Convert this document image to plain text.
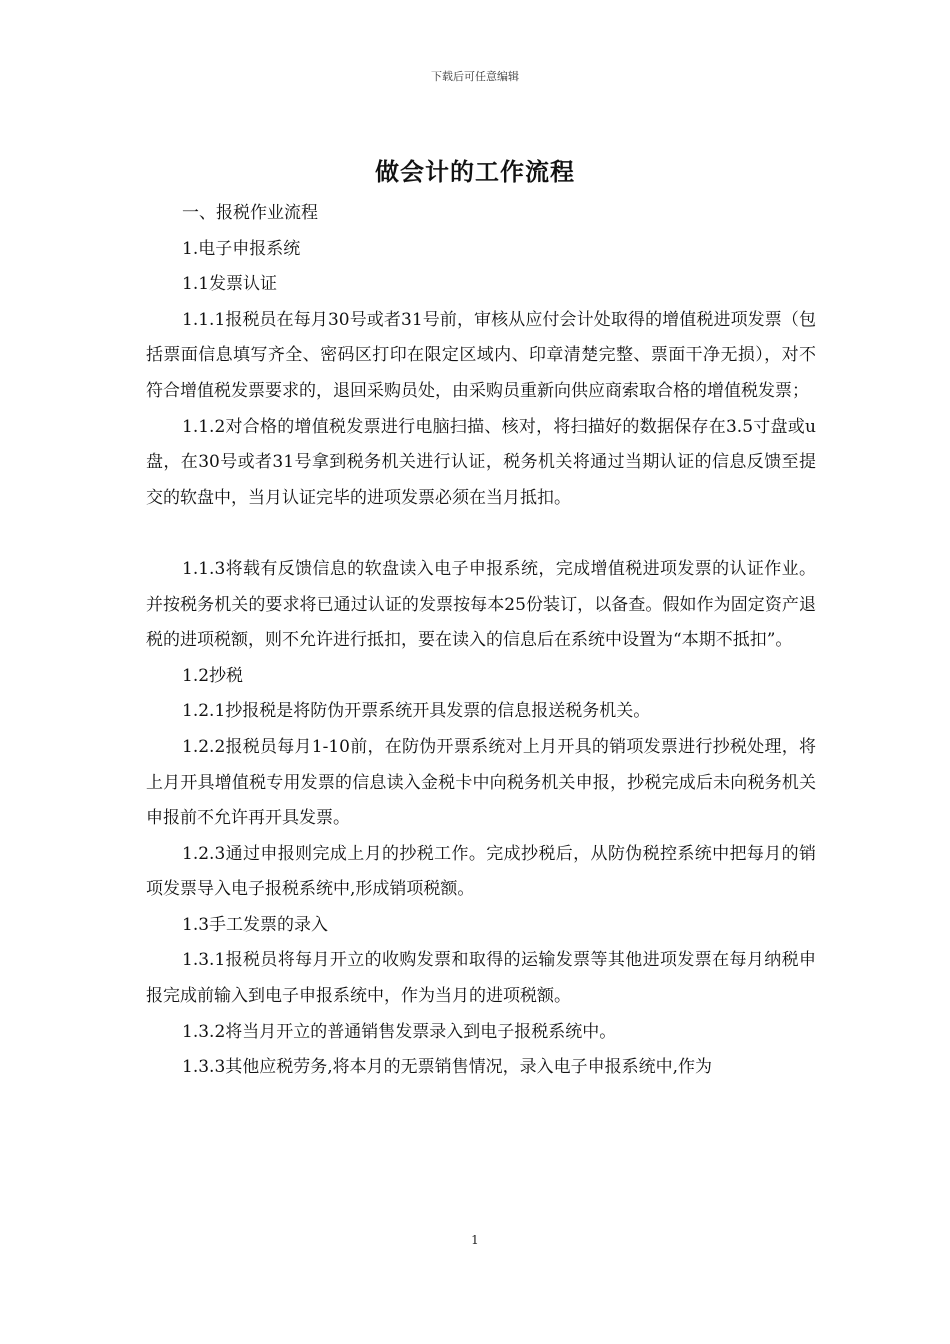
下载后可任意编辑
做会计的工作流程

一、报税作业流程

1.电子申报系统

1.1发票认证

1.1.1报税员在每月30号或者31号前，审核从应付会计处取得的增值税进项发票（包括票面信息填写齐全、密码区打印在限定区域内、印章清楚完整、票面干净无损），对不符合增值税发票要求的，退回采购员处，由采购员重新向供应商索取合格的增值税发票；

1.1.2对合格的增值税发票进行电脑扫描、核对，将扫描好的数据保存在3.5寸盘或u盘，在30号或者31号拿到税务机关进行认证，税务机关将通过当期认证的信息反馈至提交的软盘中，当月认证完毕的进项发票必须在当月抵扣。

1.1.3将载有反馈信息的软盘读入电子申报系统，完成增值税进项发票的认证作业。并按税务机关的要求将已通过认证的发票按每本25份装订，以备查。假如作为固定资产退税的进项税额，则不允许进行抵扣，要在读入的信息后在系统中设置为“本期不抵扣”。

1.2抄税

1.2.1抄报税是将防伪开票系统开具发票的信息报送税务机关。

1.2.2报税员每月1-10前，在防伪开票系统对上月开具的销项发票进行抄税处理，将上月开具增值税专用发票的信息读入金税卡中向税务机关申报，抄税完成后未向税务机关申报前不允许再开具发票。

1.2.3通过申报则完成上月的抄税工作。完成抄税后，从防伪税控系统中把每月的销项发票导入电子报税系统中,形成销项税额。

1.3手工发票的录入

1.3.1报税员将每月开立的收购发票和取得的运输发票等其他进项发票在每月纳税申报完成前输入到电子申报系统中，作为当月的进项税额。

1.3.2将当月开立的普通销售发票录入到电子报税系统中。

1.3.3其他应税劳务,将本月的无票销售情况，录入电子申报系统中,作为

1
